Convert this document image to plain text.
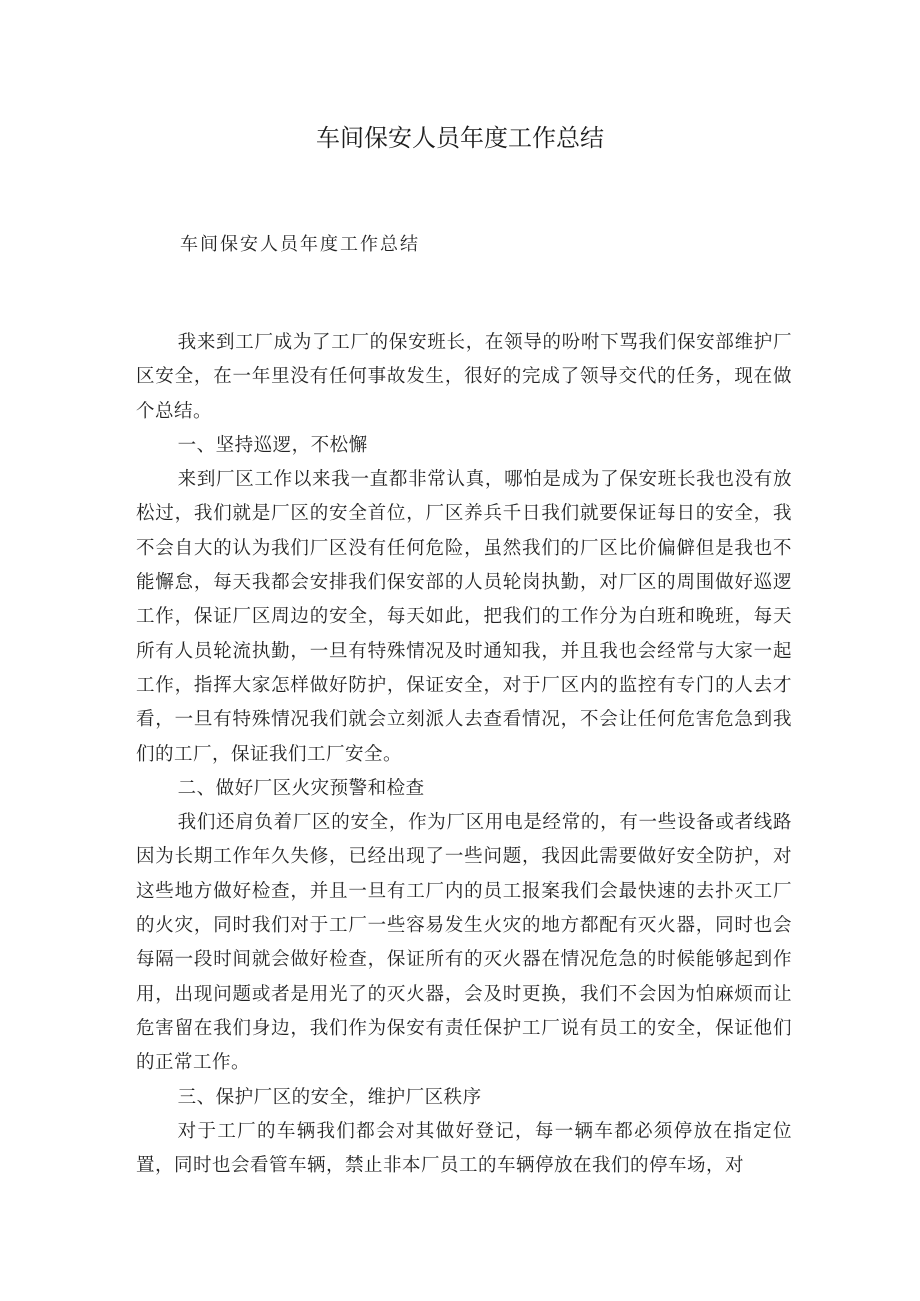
车间保安人员年度工作总结
车间保安人员年度工作总结

我来到工厂成为了工厂的保安班长，在领导的吩咐下骂我们保安部维护厂区安全，在一年里没有任何事故发生，很好的完成了领导交代的任务，现在做个总结。

一、坚持巡逻，不松懈

来到厂区工作以来我一直都非常认真，哪怕是成为了保安班长我也没有放松过，我们就是厂区的安全首位，厂区养兵千日我们就要保证每日的安全，我不会自大的认为我们厂区没有任何危险，虽然我们的厂区比价偏僻但是我也不能懈怠，每天我都会安排我们保安部的人员轮岗执勤，对厂区的周围做好巡逻工作，保证厂区周边的安全，每天如此，把我们的工作分为白班和晚班，每天所有人员轮流执勤，一旦有特殊情况及时通知我，并且我也会经常与大家一起工作，指挥大家怎样做好防护，保证安全，对于厂区内的监控有专门的人去才看，一旦有特殊情况我们就会立刻派人去查看情况，不会让任何危害危急到我们的工厂，保证我们工厂安全。

二、做好厂区火灾预警和检查

我们还肩负着厂区的安全，作为厂区用电是经常的，有一些设备或者线路因为长期工作年久失修，已经出现了一些问题，我因此需要做好安全防护，对这些地方做好检查，并且一旦有工厂内的员工报案我们会最快速的去扑灭工厂的火灾，同时我们对于工厂一些容易发生火灾的地方都配有灭火器，同时也会每隔一段时间就会做好检查，保证所有的灭火器在情况危急的时候能够起到作用，出现问题或者是用光了的灭火器，会及时更换，我们不会因为怕麻烦而让危害留在我们身边，我们作为保安有责任保护工厂说有员工的安全，保证他们的正常工作。

三、保护厂区的安全，维护厂区秩序

对于工厂的车辆我们都会对其做好登记，每一辆车都必须停放在指定位置，同时也会看管车辆，禁止非本厂员工的车辆停放在我们的停车场，对
